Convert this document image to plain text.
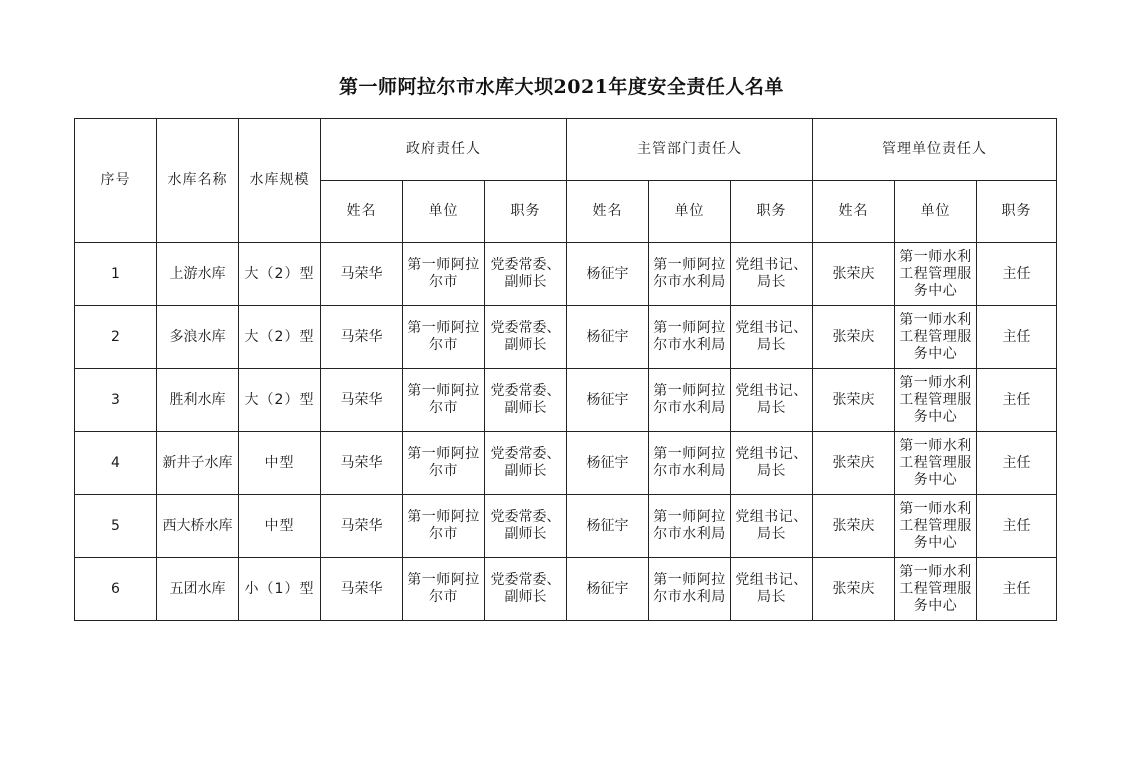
第一师阿拉尔市水库大坝2021年度安全责任人名单
序号	水库名称	水库规模	政府责任人			主管部门责任人			管理单位责任人		
			姓名	单位	职务	姓名	单位	职务	姓名	单位	职务
1	上游水库	大（2）型	马荣华	第一师阿拉尔市	党委常委、副师长	杨征宇	第一师阿拉尔市水利局	党组书记、局长	张荣庆	第一师水利工程管理服务中心	主任
2	多浪水库	大（2）型	马荣华	第一师阿拉尔市	党委常委、副师长	杨征宇	第一师阿拉尔市水利局	党组书记、局长	张荣庆	第一师水利工程管理服务中心	主任
3	胜利水库	大（2）型	马荣华	第一师阿拉尔市	党委常委、副师长	杨征宇	第一师阿拉尔市水利局	党组书记、局长	张荣庆	第一师水利工程管理服务中心	主任
4	新井子水库	中型	马荣华	第一师阿拉尔市	党委常委、副师长	杨征宇	第一师阿拉尔市水利局	党组书记、局长	张荣庆	第一师水利工程管理服务中心	主任
5	西大桥水库	中型	马荣华	第一师阿拉尔市	党委常委、副师长	杨征宇	第一师阿拉尔市水利局	党组书记、局长	张荣庆	第一师水利工程管理服务中心	主任
6	五团水库	小（1）型	马荣华	第一师阿拉尔市	党委常委、副师长	杨征宇	第一师阿拉尔市水利局	党组书记、局长	张荣庆	第一师水利工程管理服务中心	主任
